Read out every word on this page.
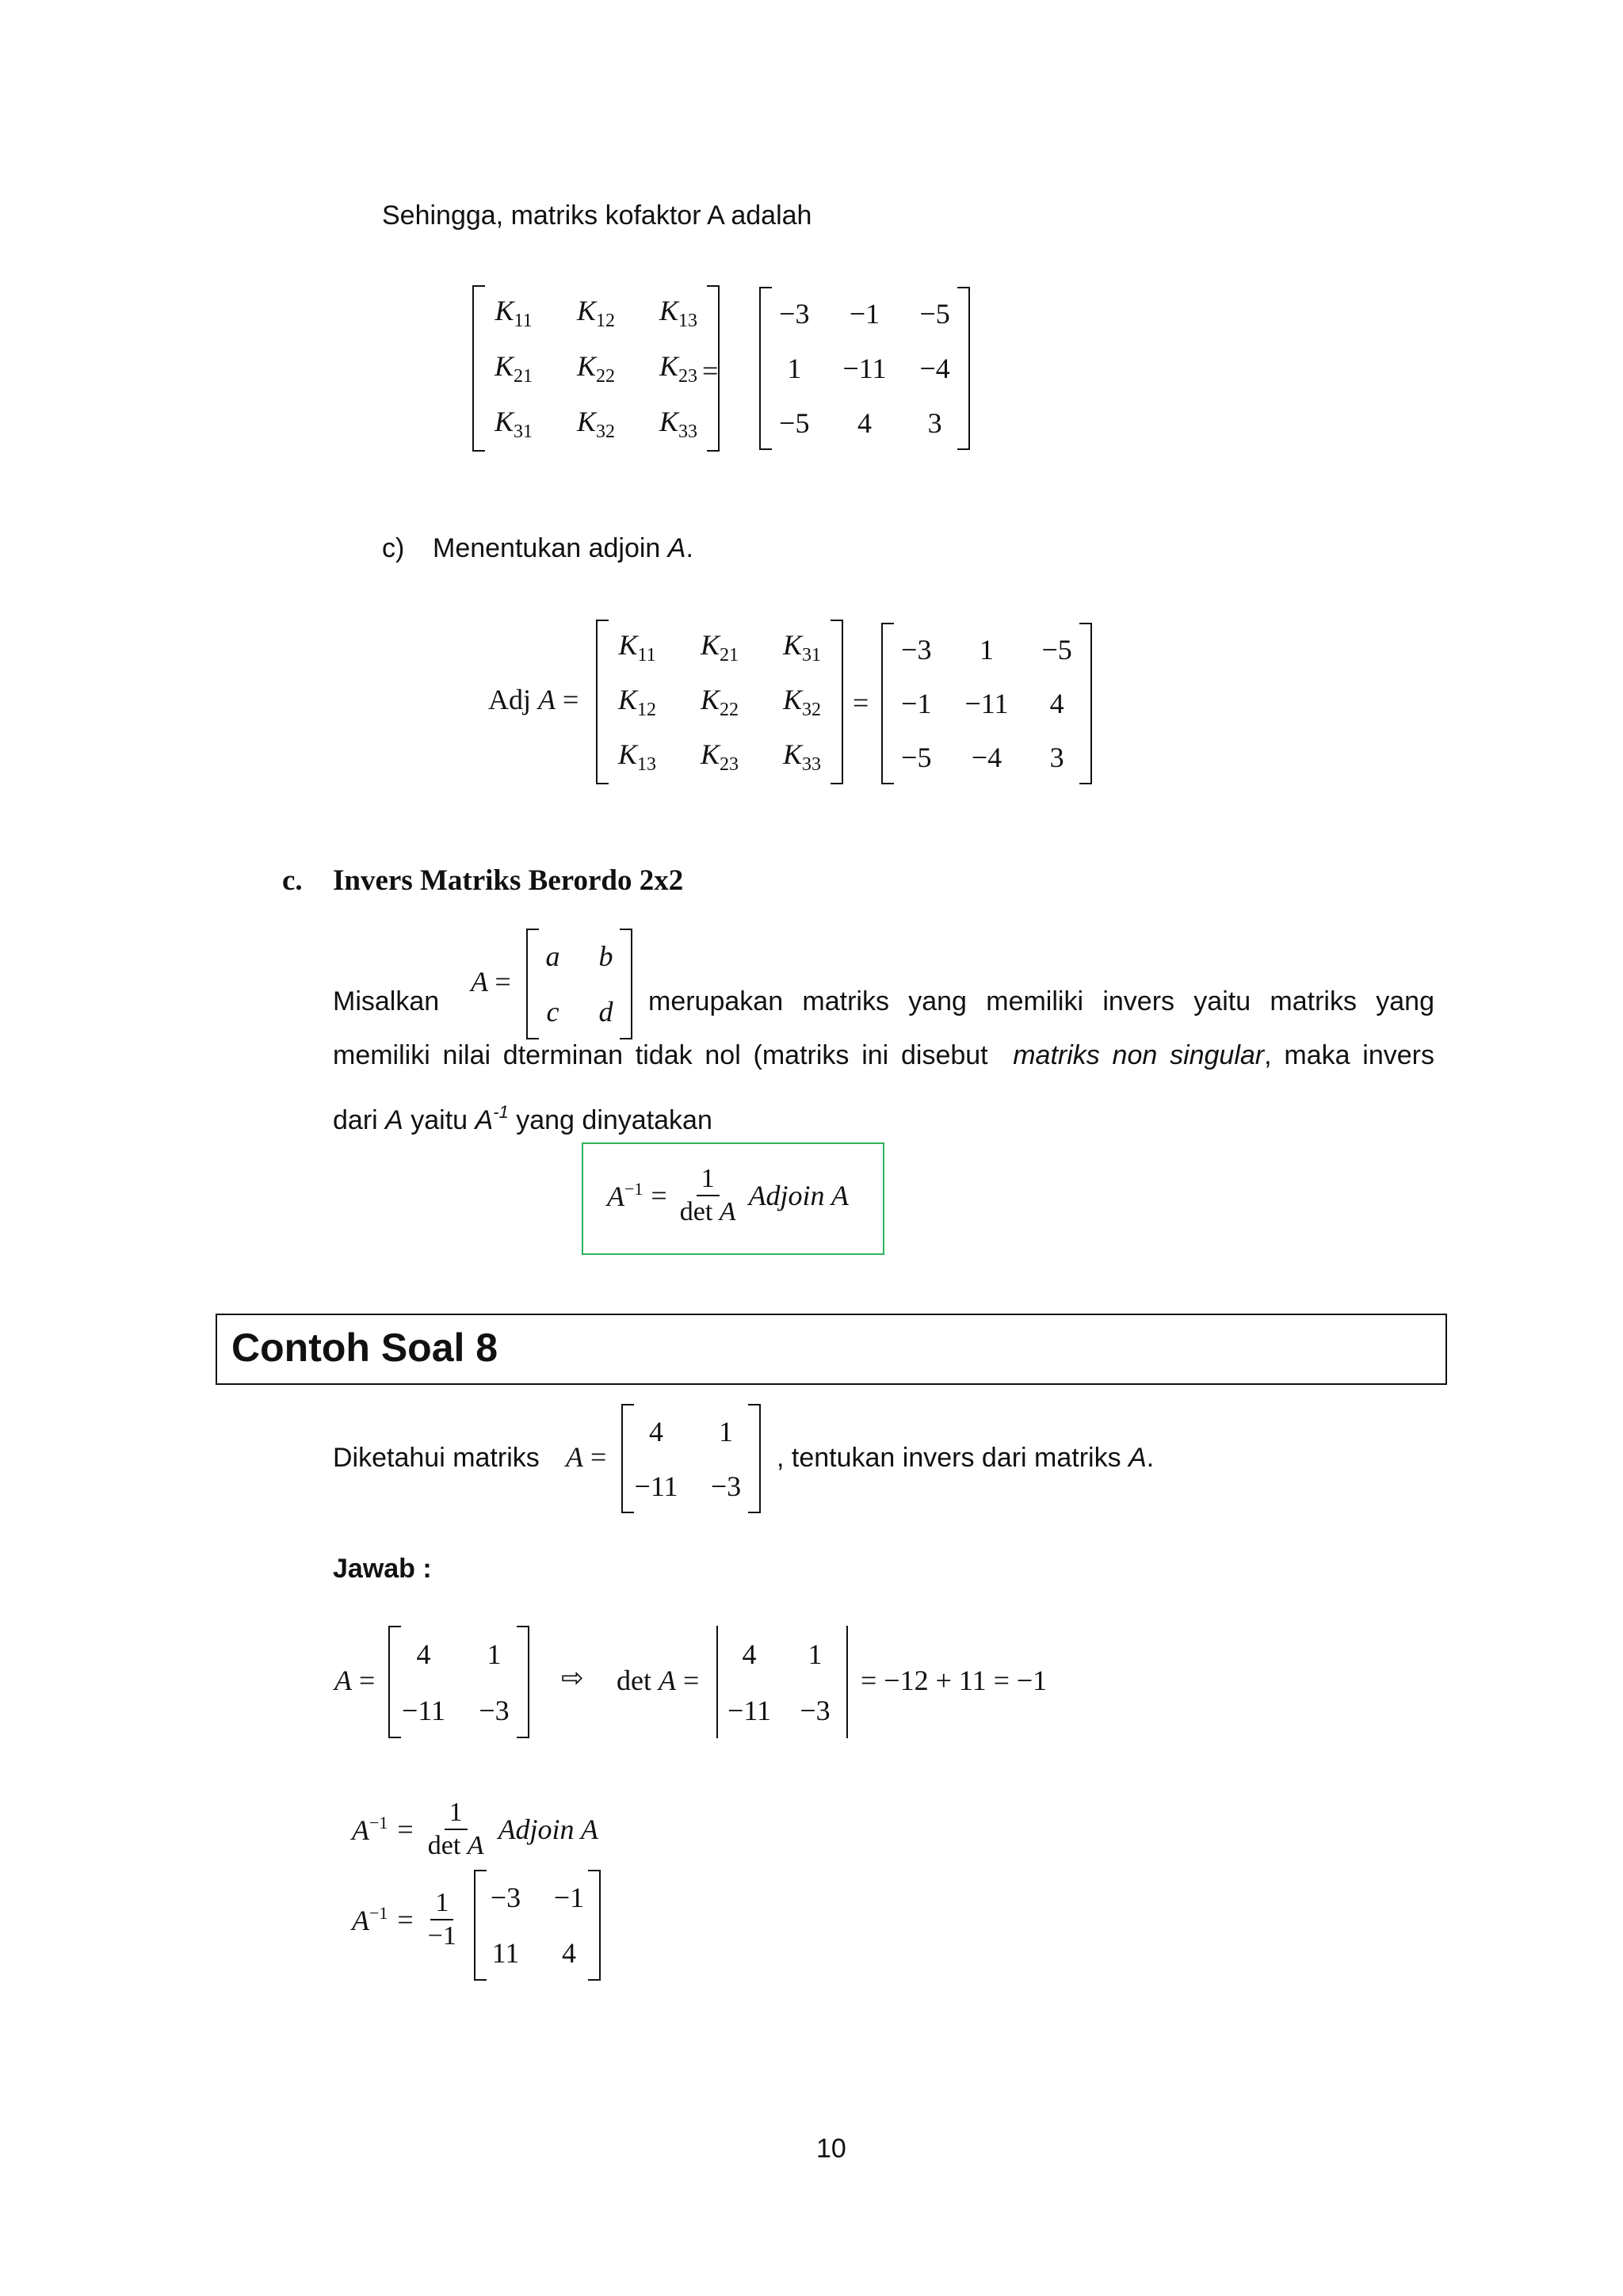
Sehingga, matriks kofaktor A adalah
$K_{11}$ $K_{12}$ $K_{13}$
$K_{21}$ $K_{22}$ $K_{23}$
$K_{31}$ $K_{32}$ $K_{33}$
=
−3 −1 −5
1 −11 −4
−5 4 3
c) Menentukan adjoin A.
Adj A =
$K_{11}$ $K_{21}$ $K_{31}$
$K_{12}$ $K_{22}$ $K_{32}$
$K_{13}$ $K_{23}$ $K_{33}$
=
−3 1 −5
−1 −11 4
−5 −4 3
c. Invers Matriks Berordo 2x2
Misalkan
A =
a b
c d merupakan matriks yang memiliki invers yaitu matriks yang
memiliki nilai dterminan tidak nol (matriks ini disebut matriks non singular, maka invers
dari A yaitu $A^{-1}$ yang dinyatakan
$A^{-1} = \frac{1}{\text{det A}}$ Adjoin A
Contoh Soal 8
Diketahui matriks A =
4 1
−11 −3
, tentukan invers dari matriks A.
Jawab :
A =
4 1
−11 −3
⇨ det A =
4 1
−11 −3
= −12 + 11 = −1
$A^{-1} = \frac{1}{\text{det A}}$ Adjoin A
$A^{-1} = \frac{1}{-1} -3 -1$
11 4
10
